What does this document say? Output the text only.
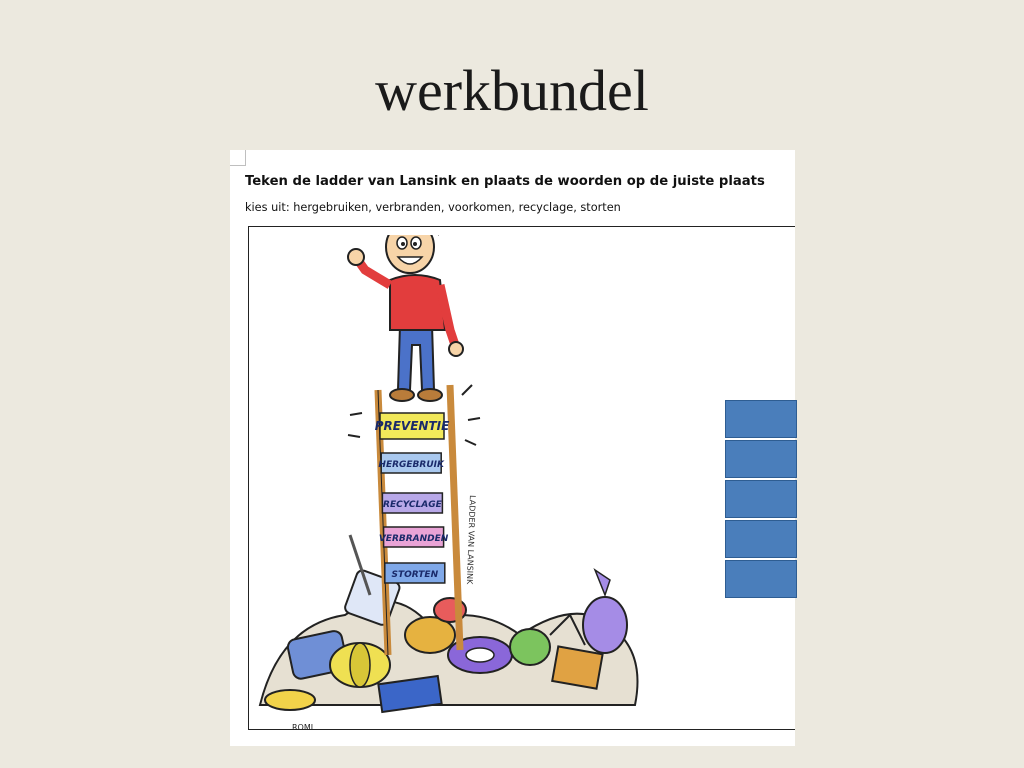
werkbundel
Teken de ladder van Lansink en plaats de woorden op de juiste plaats
kies uit: hergebruiken, verbranden, voorkomen, recyclage, storten
ROML
LADDER VAN LANSINK
PREVENTIE
HERGEBRUIK
RECYCLAGE
VERBRANDEN
STORTEN
